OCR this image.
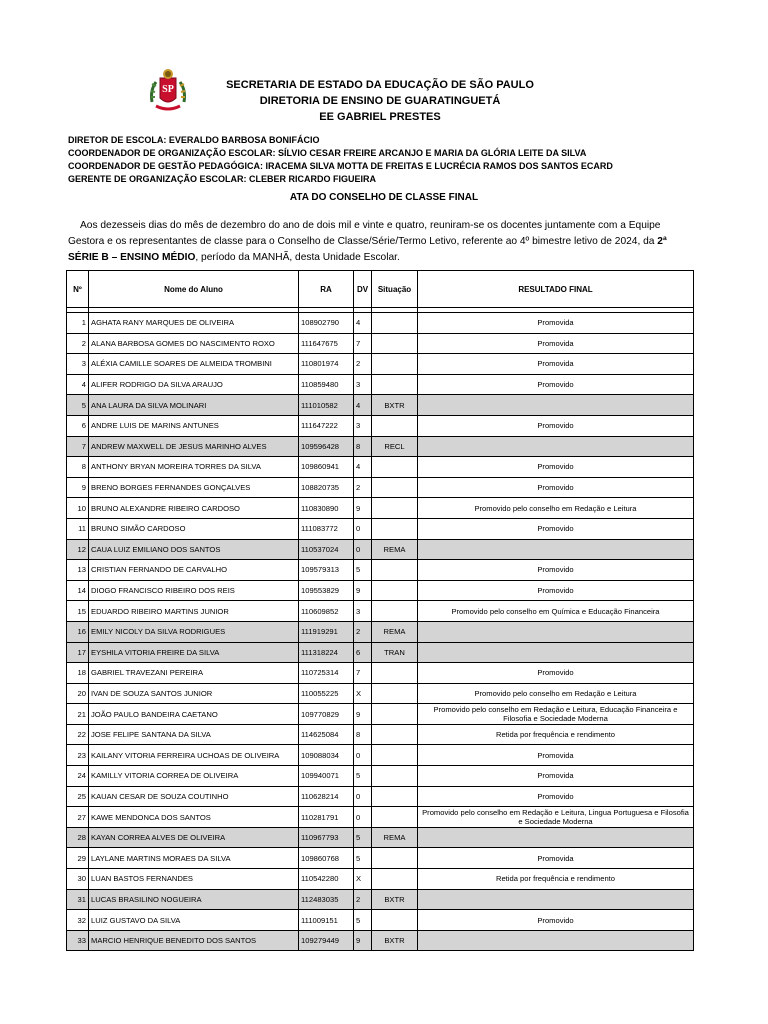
SP	SECRETARIA DE ESTADO DA EDUCAÇÃO DE SÃO PAULO
DIRETORIA DE ENSINO DE GUARATINGUETÁ
EE GABRIEL PRESTES
DIRETOR DE ESCOLA: EVERALDO BARBOSA BONIFÁCIO
COORDENADOR DE ORGANIZAÇÃO ESCOLAR: SÍLVIO CESAR FREIRE ARCANJO E MARIA DA GLÓRIA LEITE DA SILVA
COORDENADOR DE GESTÃO PEDAGÓGICA: IRACEMA SILVA MOTTA DE FREITAS E LUCRÉCIA RAMOS DOS SANTOS ECARD
GERENTE DE ORGANIZAÇÃO ESCOLAR: CLEBER RICARDO FIGUEIRA
ATA DO CONSELHO DE CLASSE FINAL
Aos dezesseis dias do mês de dezembro do ano de dois mil e vinte e quatro, reuniram-se os docentes juntamente com a Equipe Gestora e os representantes de classe para o Conselho de Classe/Série/Termo Letivo, referente ao 4º bimestre letivo de 2024, da 2ª SÉRIE B – ENSINO MÉDIO, período da MANHÃ, desta Unidade Escolar.
Nº	Nome do Aluno	RA	DV	Situação	RESULTADO FINAL

1	AGHATA RANY MARQUES DE OLIVEIRA	108902790	4		Promovida
2	ALANA BARBOSA GOMES DO NASCIMENTO ROXO	111647675	7		Promovida
3	ALÉXIA CAMILLE SOARES DE ALMEIDA TROMBINI	110801974	2		Promovida
4	ALIFER RODRIGO DA SILVA ARAUJO	110859480	3		Promovido
5	ANA LAURA DA SILVA MOLINARI	111010582	4	BXTR	
6	ANDRE LUIS DE MARINS ANTUNES	111647222	3		Promovido
7	ANDREW MAXWELL DE JESUS MARINHO ALVES	109596428	8	RECL	
8	ANTHONY BRYAN MOREIRA TORRES DA SILVA	109860941	4		Promovido
9	BRENO BORGES FERNANDES GONÇALVES	108820735	2		Promovido
10	BRUNO ALEXANDRE RIBEIRO CARDOSO	110830890	9		Promovido pelo conselho em Redação e Leitura
11	BRUNO SIMÃO CARDOSO	111083772	0		Promovido
12	CAUA LUIZ EMILIANO DOS SANTOS	110537024	0	REMA	
13	CRISTIAN FERNANDO DE CARVALHO	109579313	5		Promovido
14	DIOGO FRANCISCO RIBEIRO DOS REIS	109553829	9		Promovido
15	EDUARDO RIBEIRO MARTINS JUNIOR	110609852	3		Promovido pelo conselho em Química e Educação Financeira
16	EMILY NICOLY DA SILVA RODRIGUES	111919291	2	REMA	
17	EYSHILA VITORIA FREIRE DA SILVA	111318224	6	TRAN	
18	GABRIEL TRAVEZANI PEREIRA	110725314	7		Promovido
20	IVAN DE SOUZA SANTOS JUNIOR	110055225	X		Promovido pelo conselho em Redação e Leitura
21	JOÃO PAULO BANDEIRA CAETANO	109770829	9		Promovido pelo conselho em Redação e Leitura, Educação Financeira e Filosofia e Sociedade Moderna
22	JOSE FELIPE SANTANA DA SILVA	114625084	8		Retida por frequência e rendimento
23	KAILANY VITORIA FERREIRA UCHOAS DE OLIVEIRA	109088034	0		Promovida
24	KAMILLY VITORIA CORREA DE OLIVEIRA	109940071	5		Promovida
25	KAUAN CESAR DE SOUZA COUTINHO	110628214	0		Promovido
27	KAWE MENDONCA DOS SANTOS	110281791	0		Promovido pelo conselho em Redação e Leitura, Lingua Portuguesa e Filosofia e Sociedade Moderna
28	KAYAN CORREA ALVES DE OLIVEIRA	110967793	5	REMA	
29	LAYLANE MARTINS MORAES DA SILVA	109860768	5		Promovida
30	LUAN BASTOS FERNANDES	110542280	X		Retida por frequência e rendimento
31	LUCAS BRASILINO NOGUEIRA	112483035	2	BXTR	
32	LUIZ GUSTAVO DA SILVA	111009151	5		Promovido
33	MARCIO HENRIQUE BENEDITO DOS SANTOS	109279449	9	BXTR	
